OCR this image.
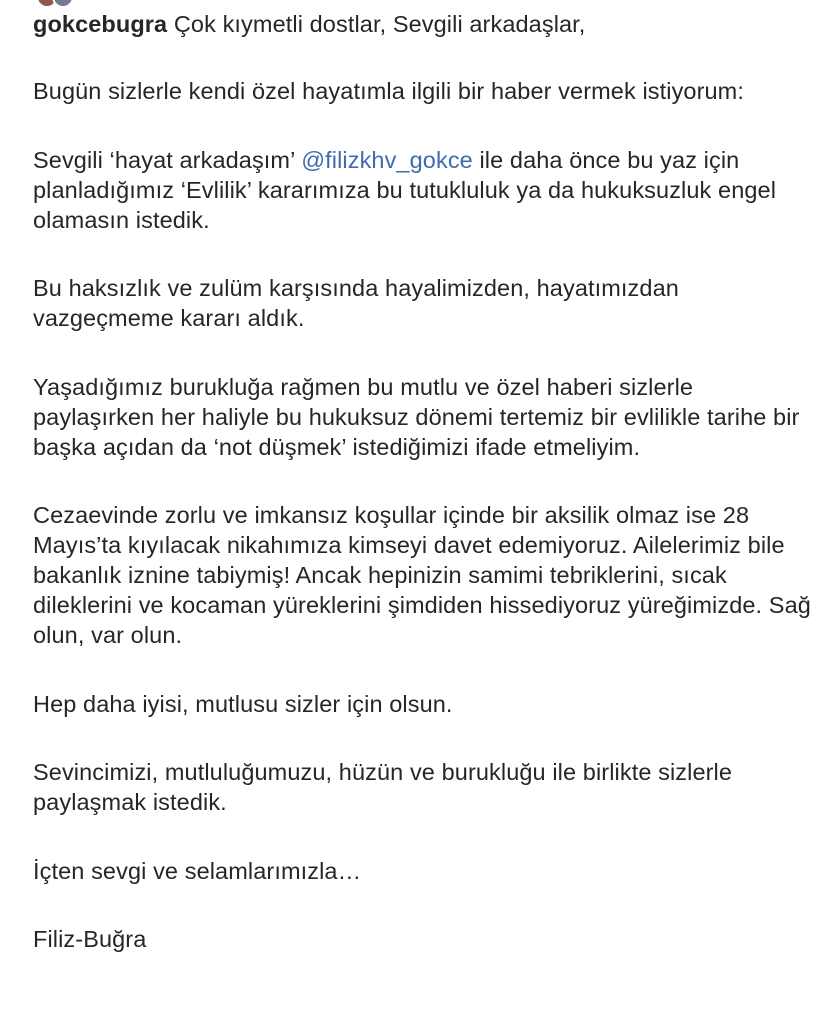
gokcebugra Çok kıymetli dostlar, Sevgili arkadaşlar,

Bugün sizlerle kendi özel hayatımla ilgili bir haber vermek istiyorum:

Sevgili ‘hayat arkadaşım’ @filizkhv_gokce ile daha önce bu yaz için planladığımız ‘Evlilik’ kararımıza bu tutukluluk ya da hukuksuzluk engel olamasın istedik.

Bu haksızlık ve zulüm karşısında hayalimizden, hayatımızdan vazgeçmeme kararı aldık.

Yaşadığımız burukluğa rağmen bu mutlu ve özel haberi sizlerle paylaşırken her haliyle bu hukuksuz dönemi tertemiz bir evlilikle tarihe bir başka açıdan da ‘not düşmek’ istediğimizi ifade etmeliyim.

Cezaevinde zorlu ve imkansız koşullar içinde bir aksilik olmaz ise 28 Mayıs’ta kıyılacak nikahımıza kimseyi davet edemiyoruz. Ailelerimiz bile bakanlık iznine tabiymiş! Ancak hepinizin samimi tebriklerini, sıcak dileklerini ve kocaman yüreklerini şimdiden hissediyoruz yüreğimizde. Sağ olun, var olun.

Hep daha iyisi, mutlusu sizler için olsun.

Sevincimizi, mutluluğumuzu, hüzün ve burukluğu ile birlikte sizlerle paylaşmak istedik.

İçten sevgi ve selamlarımızla…

Filiz-Buğra
